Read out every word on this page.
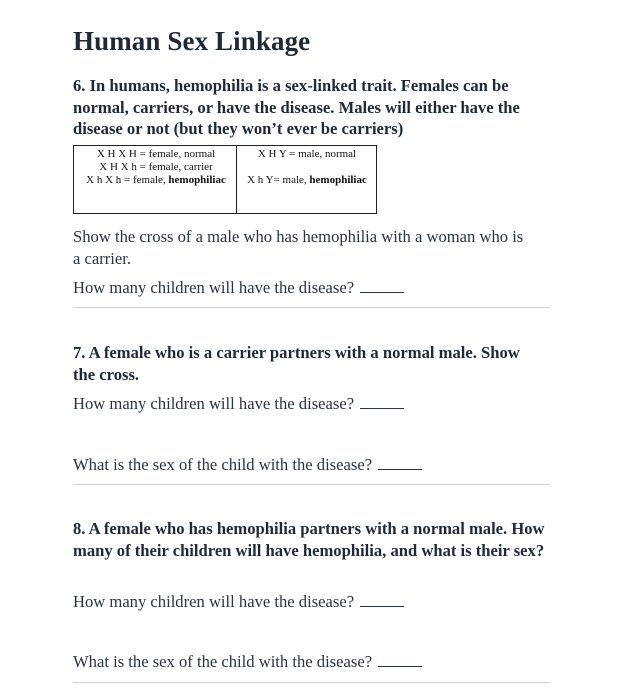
Human Sex Linkage

6. In humans, hemophilia is a sex-linked trait. Females can be normal, carriers, or have the disease. Males will either have the disease or not (but they won’t ever be carriers)

X H X H = female, normal
X H X h = female, carrier
X h X h = female, hemophiliac
X H Y = male, normal

X h Y= male, hemophiliac

Show the cross of a male who has hemophilia with a woman who is a carrier.

How many children will have the disease?

7. A female who is a carrier partners with a normal male. Show the cross.

How many children will have the disease?

What is the sex of the child with the disease?

8. A female who has hemophilia partners with a normal male. How many of their children will have hemophilia, and what is their sex?

How many children will have the disease?

What is the sex of the child with the disease?
